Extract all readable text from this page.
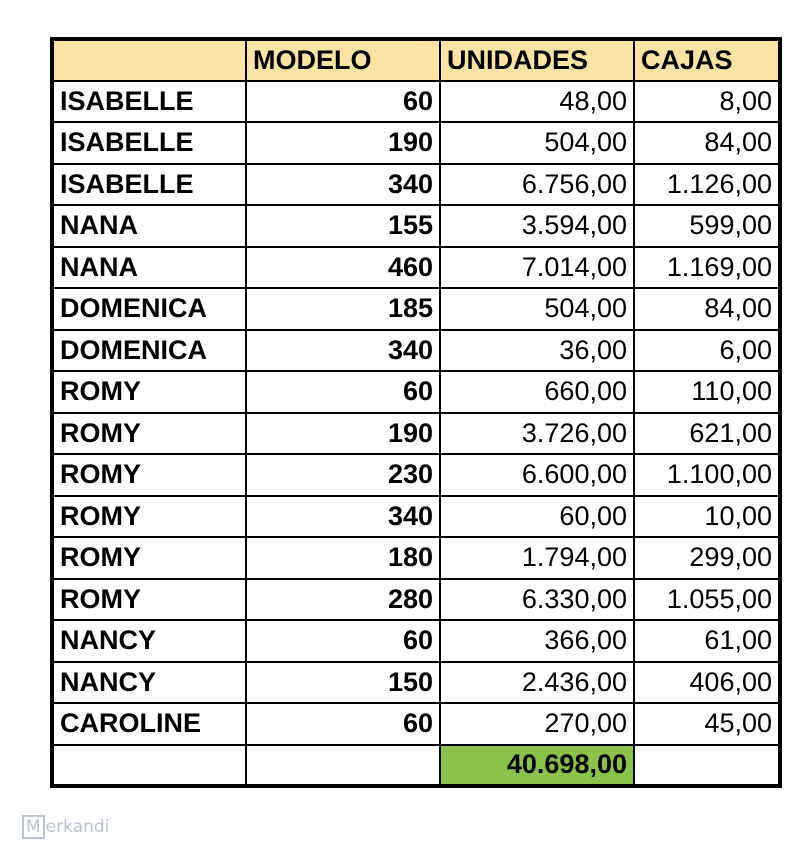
	MODELO	UNIDADES	CAJAS
ISABELLE	60	48,00	8,00
ISABELLE	190	504,00	84,00
ISABELLE	340	6.756,00	1.126,00
NANA	155	3.594,00	599,00
NANA	460	7.014,00	1.169,00
DOMENICA	185	504,00	84,00
DOMENICA	340	36,00	6,00
ROMY	60	660,00	110,00
ROMY	190	3.726,00	621,00
ROMY	230	6.600,00	1.100,00
ROMY	340	60,00	10,00
ROMY	180	1.794,00	299,00
ROMY	280	6.330,00	1.055,00
NANCY	60	366,00	61,00
NANCY	150	2.436,00	406,00
CAROLINE	60	270,00	45,00
		40.698,00	
M erkandi
